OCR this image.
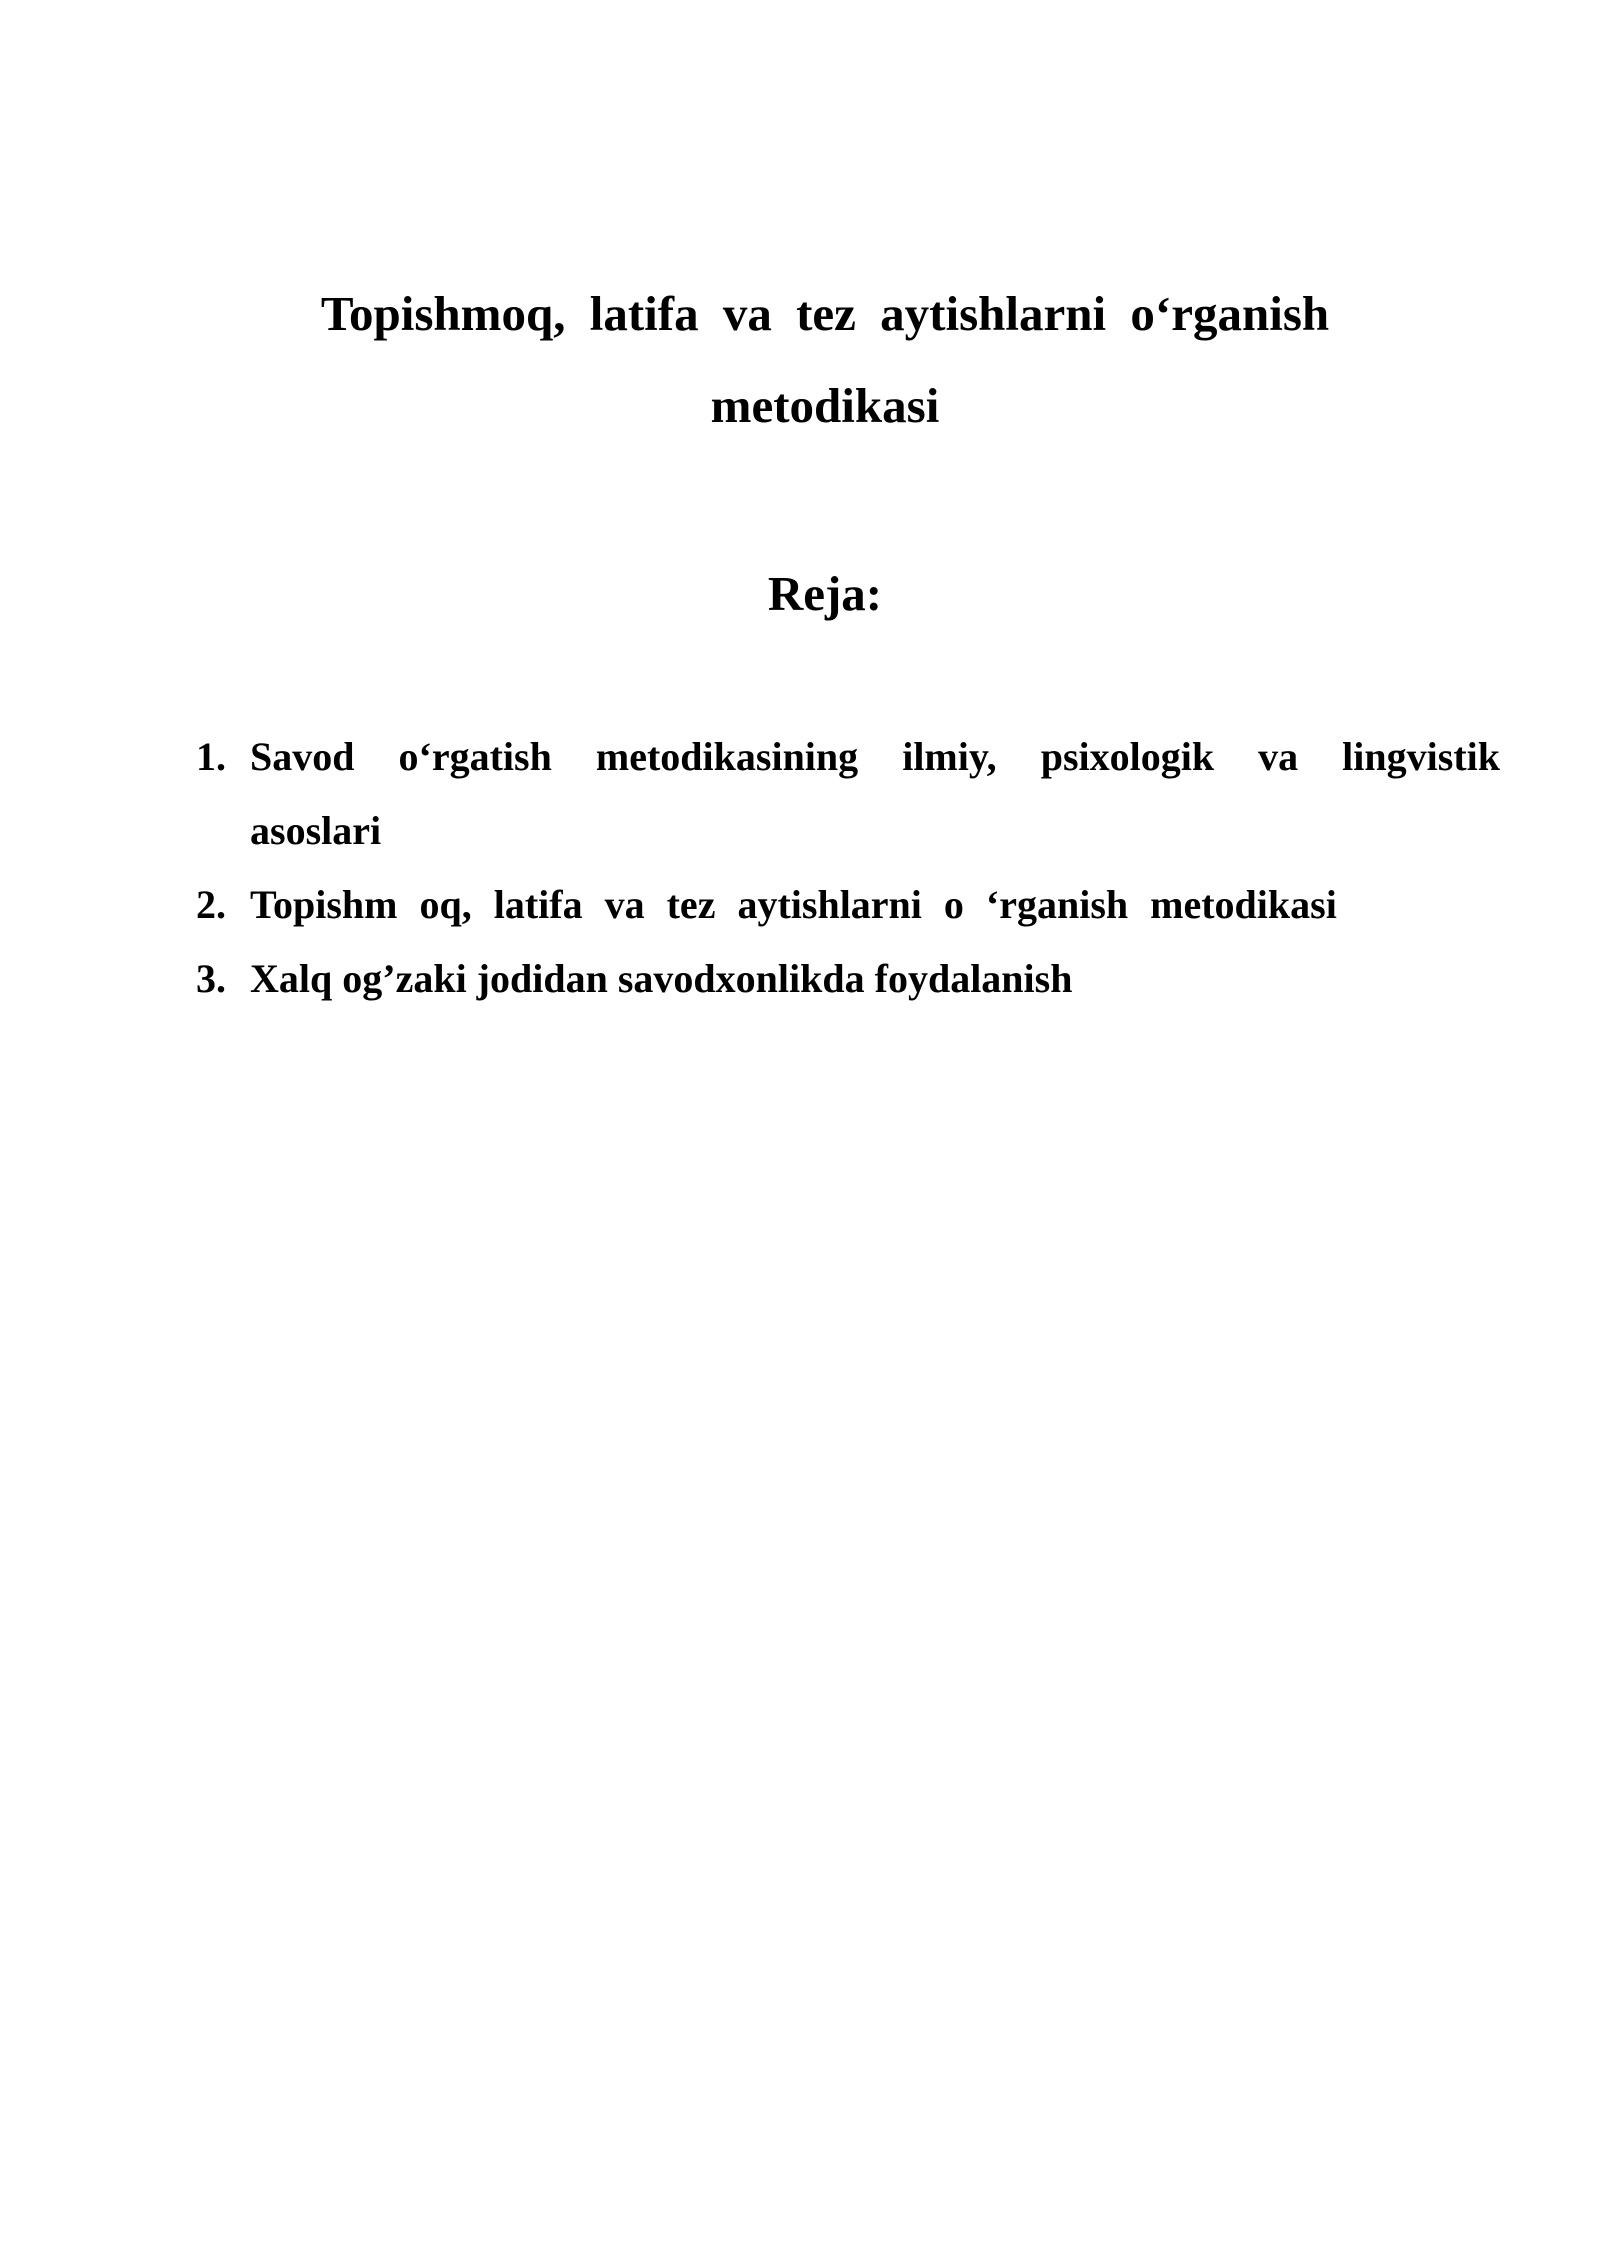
Topishmoq, latifa va tez aytishlarni o‘rganish
metodikasi
Reja:
1. Savod o‘rgatish metodikasining ilmiy, psixologik va lingvistik
asoslari
2. Topishm oq, latifa va tez aytishlarni o ‘rganish metodikasi
3. Xalq og’zaki jodidan savodxonlikda foydalanish
